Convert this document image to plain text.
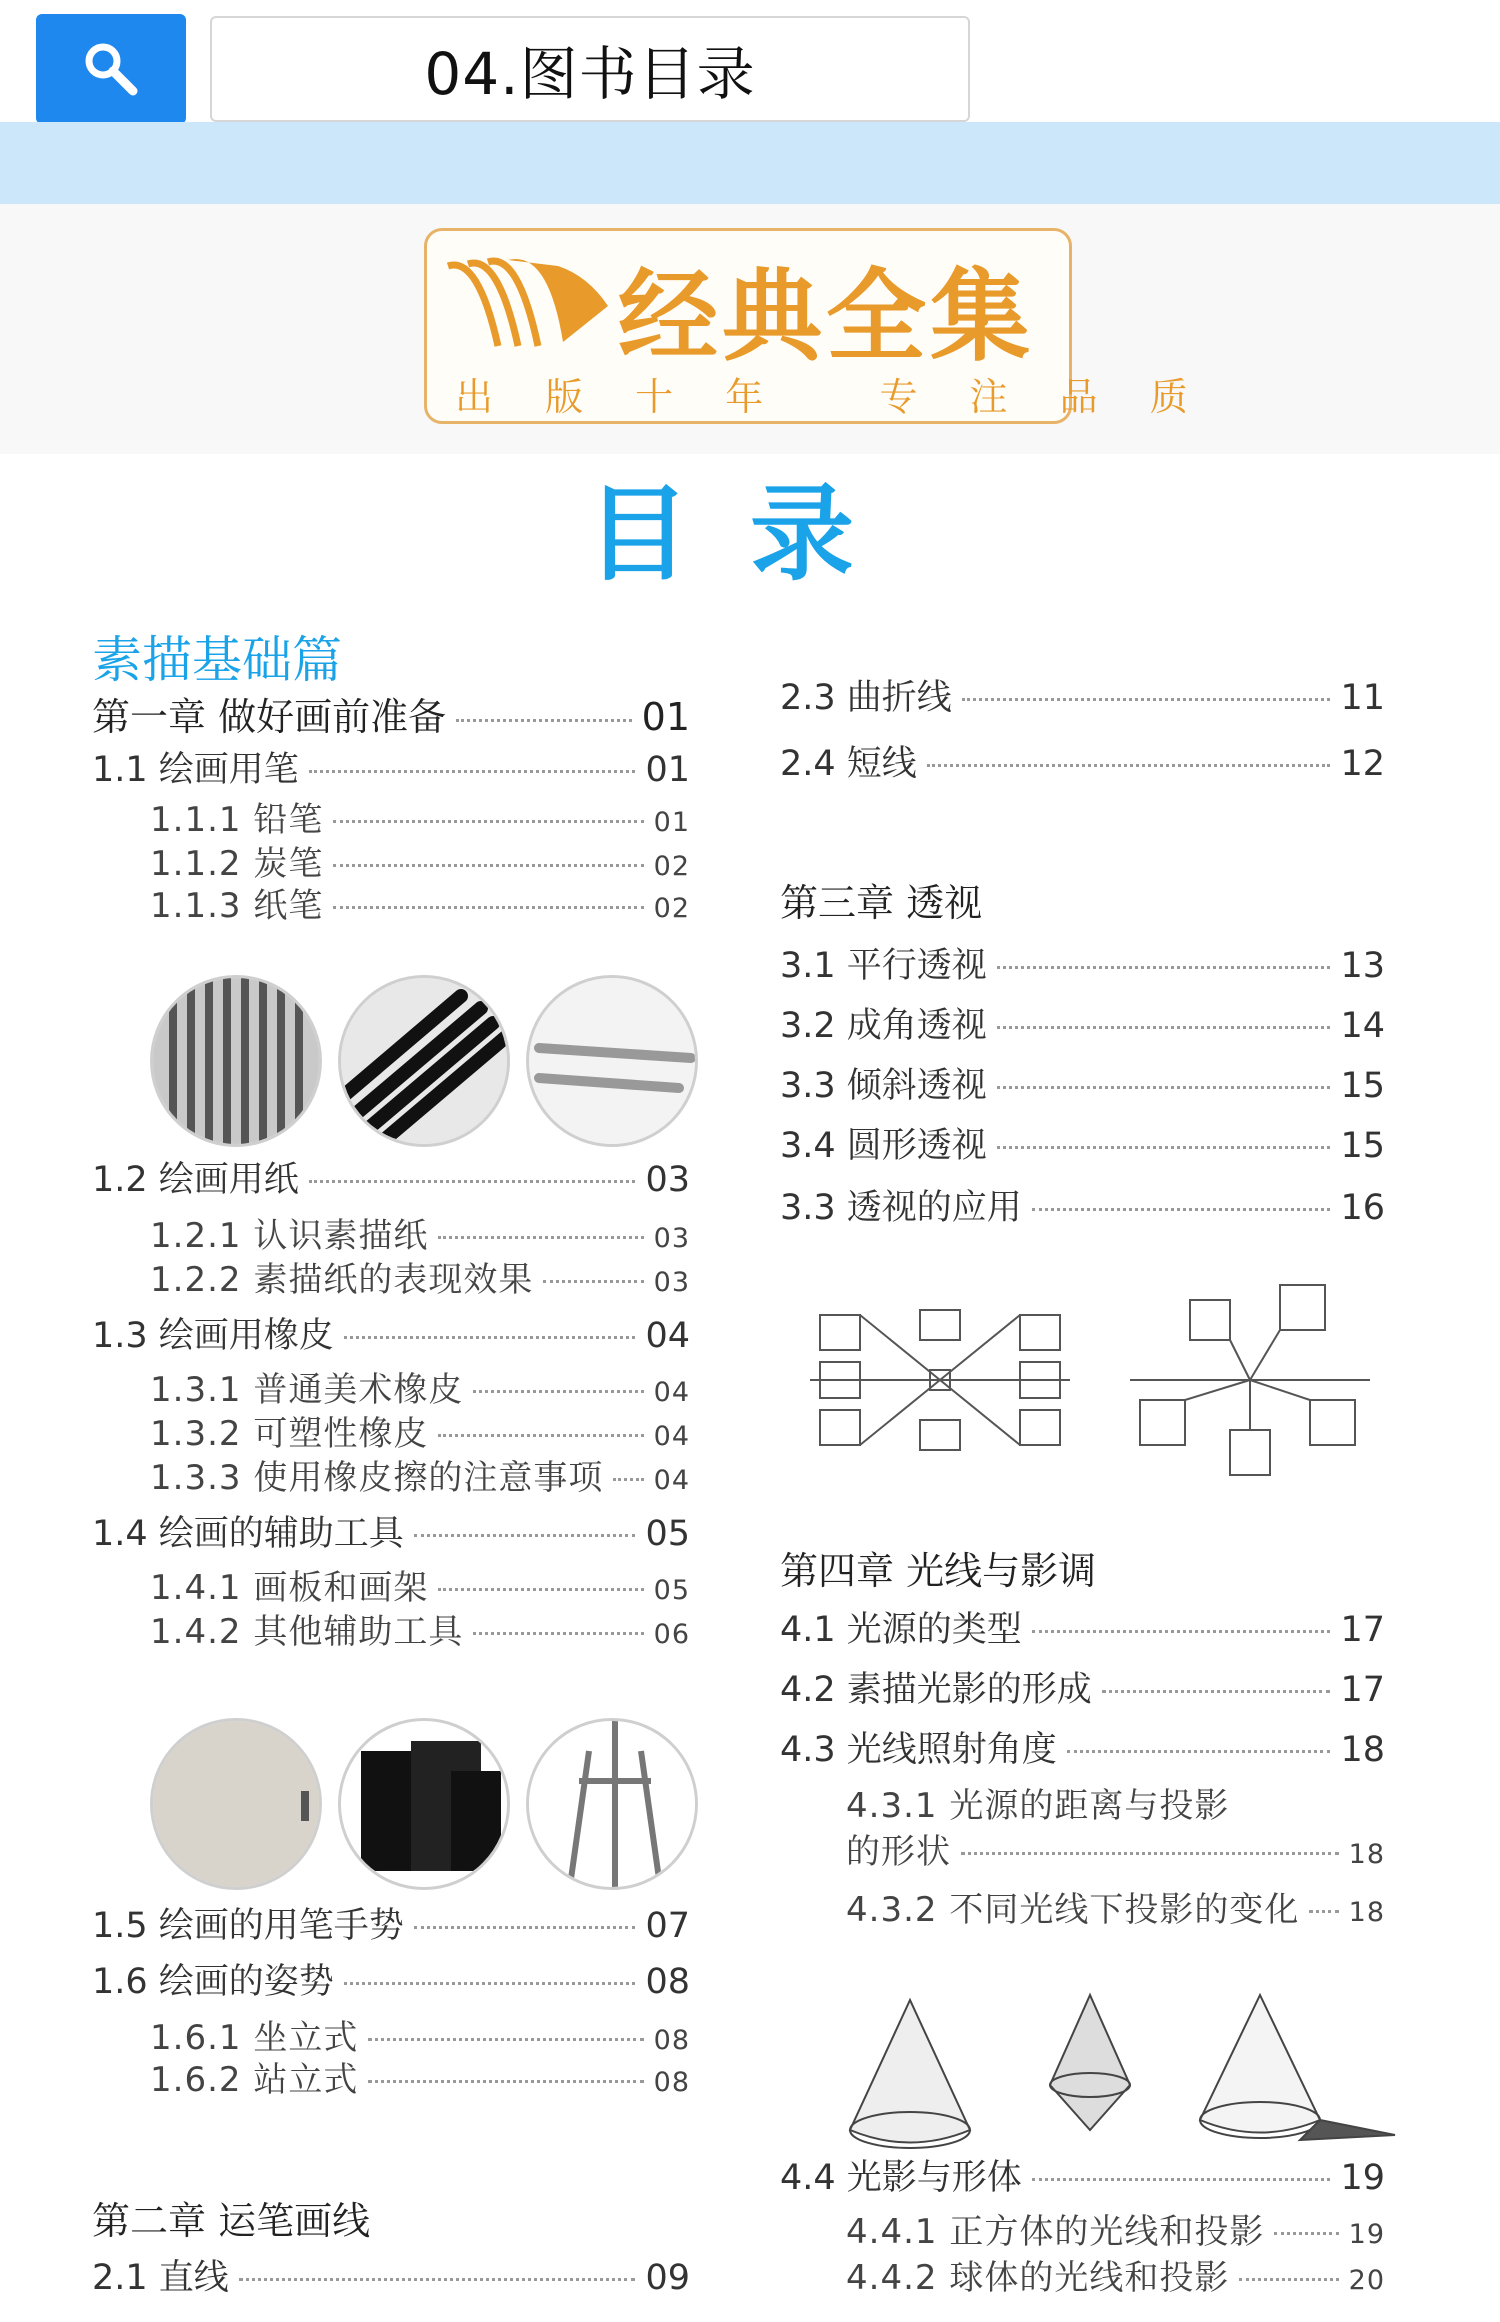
04.图书目录
经典全集
出 版 十 年   专 注 品 质
目录
素描基础篇
第一章 做好画前准备	01
1.1 绘画用笔	01
1.1.1 铅笔	01
1.1.2 炭笔	02
1.1.3 纸笔	02
1.2 绘画用纸	03
1.2.1 认识素描纸	03
1.2.2 素描纸的表现效果	03
1.3 绘画用橡皮	04
1.3.1 普通美术橡皮	04
1.3.2 可塑性橡皮	04
1.3.3 使用橡皮擦的注意事项 04
1.4 绘画的辅助工具	05
1.4.1 画板和画架	05
1.4.2 其他辅助工具	06
1.5 绘画的用笔手势	07
1.6 绘画的姿势	08
1.6.1 坐立式	08
1.6.2 站立式	08
第二章 运笔画线
2.1 直线	09
2.3 曲折线	11
2.4 短线	12
第三章 透视
3.1 平行透视	13
3.2 成角透视	14
3.3 倾斜透视	15
3.4 圆形透视	15
3.3 透视的应用	16
第四章 光线与影调
4.1 光源的类型	17
4.2 素描光影的形成	17
4.3 光线照射角度	18
4.3.1 光源的距离与投影
的形状	18
4.3.2 不同光线下投影的变化 18
4.4 光影与形体	19
4.4.1 正方体的光线和投影	19
4.4.2 球体的光线和投影	20
